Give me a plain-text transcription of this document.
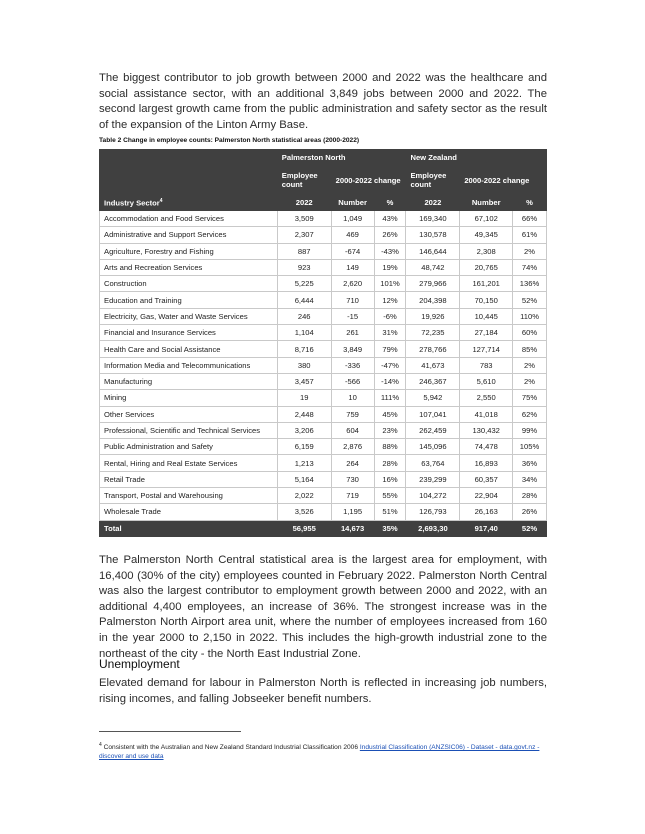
The biggest contributor to job growth between 2000 and 2022 was the healthcare and social assistance sector, with an additional 3,849 jobs between 2000 and 2022. The second largest growth came from the public administration and safety sector as the result of the expansion of the Linton Army Base.

Table 2 Change in employee counts: Palmerston North statistical areas (2000-2022)
	Palmerston North			New Zealand		
	Employee count	2000-2022 change		Employee count	2000-2022 change	
Industry Sector$^4$	2022	Number	%	2022	Number	%
Accommodation and Food Services	3,509	1,049	43%	169,340	67,102	66%
Administrative and Support Services	2,307	469	26%	130,578	49,345	61%
Agriculture, Forestry and Fishing	887	-674	-43%	146,644	2,308	2%
Arts and Recreation Services	923	149	19%	48,742	20,765	74%
Construction	5,225	2,620	101%	279,966	161,201	136%
Education and Training	6,444	710	12%	204,398	70,150	52%
Electricity, Gas, Water and Waste Services	246	-15	-6%	19,926	10,445	110%
Financial and Insurance Services	1,104	261	31%	72,235	27,184	60%
Health Care and Social Assistance	8,716	3,849	79%	278,766	127,714	85%
Information Media and Telecommunications	380	-336	-47%	41,673	783	2%
Manufacturing	3,457	-566	-14%	246,367	5,610	2%
Mining	19	10	111%	5,942	2,550	75%
Other Services	2,448	759	45%	107,041	41,018	62%
Professional, Scientific and Technical Services	3,206	604	23%	262,459	130,432	99%
Public Administration and Safety	6,159	2,876	88%	145,096	74,478	105%
Rental, Hiring and Real Estate Services	1,213	264	28%	63,764	16,893	36%
Retail Trade	5,164	730	16%	239,299	60,357	34%
Transport, Postal and Warehousing	2,022	719	55%	104,272	22,904	28%
Wholesale Trade	3,526	1,195	51%	126,793	26,163	26%
Total	56,955	14,673	35%	2,693,30	917,40	52%

The Palmerston North Central statistical area is the largest area for employment, with 16,400 (30% of the city) employees counted in February 2022. Palmerston North Central was also the largest contributor to employment growth between 2000 and 2022, with an additional 4,400 employees, an increase of 36%. The strongest increase was in the Palmerston North Airport area unit, where the number of employees increased from 160 in the year 2000 to 2,150 in 2022. This includes the high-growth industrial zone to the northeast of the city - the North East Industrial Zone.

Unemployment

Elevated demand for labour in Palmerston North is reflected in increasing job numbers, rising incomes, and falling Jobseeker benefit numbers.

$^4$ Consistent with the Australian and New Zealand Standard Industrial Classification 2006 Industrial Classification (ANZSIC06) - Dataset - data.govt.nz - discover and use data
